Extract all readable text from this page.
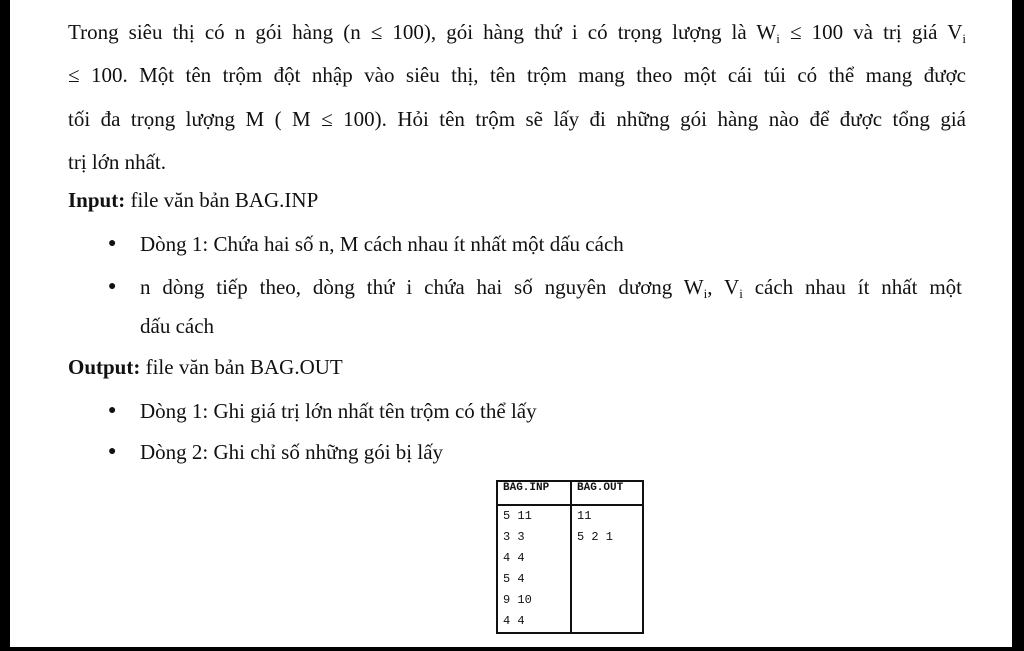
Trong siêu thị có n gói hàng (n ≤ 100), gói hàng thứ i có trọng lượng là $W_i \le 100$ và trị giá $V_i$
≤ 100. Một tên trộm đột nhập vào siêu thị, tên trộm mang theo một cái túi có thể mang được
tối đa trọng lượng M ( M ≤ 100). Hỏi tên trộm sẽ lấy đi những gói hàng nào để được tổng giá
trị lớn nhất.
Input: file văn bản BAG.INP
● Dòng 1: Chứa hai số n, M cách nhau ít nhất một dấu cách
● n dòng tiếp theo, dòng thứ i chứa hai số nguyên dương $W_i$, $V_i$ cách nhau ít nhất một
dấu cách
Output: file văn bản BAG.OUT
● Dòng 1: Ghi giá trị lớn nhất tên trộm có thể lấy
● Dòng 2: Ghi chỉ số những gói bị lấy
BAG.INP	BAG.OUT
5 11	11
3 3	5 2 1
4 4	
5 4	
9 10	
4 4	
